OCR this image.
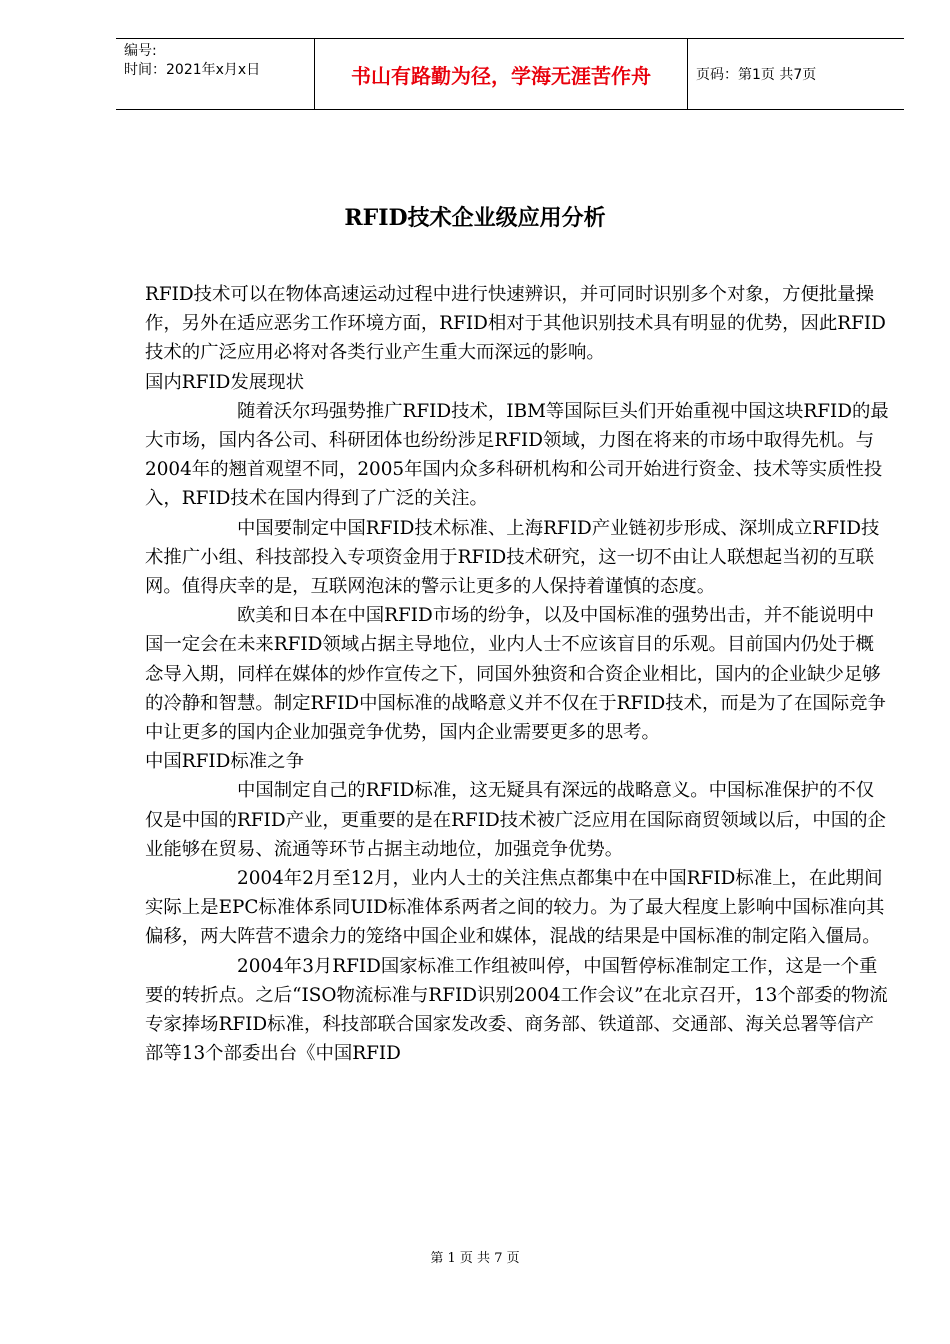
编号:
时间：2021年x月x日	书山有路勤为径，学海无涯苦作舟	页码：第1页 共7页
RFID技术企业级应用分析

RFID技术可以在物体高速运动过程中进行快速辨识，并可同时识别多个对象，方便批量操作，另外在适应恶劣工作环境方面，RFID相对于其他识别技术具有明显的优势，因此RFID技术的广泛应用必将对各类行业产生重大而深远的影响。

国内RFID发展现状

随着沃尔玛强势推广RFID技术，IBM等国际巨头们开始重视中国这块RFID的最大市场，国内各公司、科研团体也纷纷涉足RFID领域，力图在将来的市场中取得先机。与2004年的翘首观望不同，2005年国内众多科研机构和公司开始进行资金、技术等实质性投入，RFID技术在国内得到了广泛的关注。

中国要制定中国RFID技术标准、上海RFID产业链初步形成、深圳成立RFID技术推广小组、科技部投入专项资金用于RFID技术研究，这一切不由让人联想起当初的互联网。值得庆幸的是，互联网泡沫的警示让更多的人保持着谨慎的态度。

欧美和日本在中国RFID市场的纷争，以及中国标准的强势出击，并不能说明中国一定会在未来RFID领域占据主导地位，业内人士不应该盲目的乐观。目前国内仍处于概念导入期，同样在媒体的炒作宣传之下，同国外独资和合资企业相比，国内的企业缺少足够的冷静和智慧。制定RFID中国标准的战略意义并不仅在于RFID技术，而是为了在国际竞争中让更多的国内企业加强竞争优势，国内企业需要更多的思考。

中国RFID标准之争

中国制定自己的RFID标准，这无疑具有深远的战略意义。中国标准保护的不仅仅是中国的RFID产业，更重要的是在RFID技术被广泛应用在国际商贸领域以后，中国的企业能够在贸易、流通等环节占据主动地位，加强竞争优势。

2004年2月至12月，业内人士的关注焦点都集中在中国RFID标准上，在此期间实际上是EPC标准体系同UID标准体系两者之间的较力。为了最大程度上影响中国标准向其偏移，两大阵营不遗余力的笼络中国企业和媒体，混战的结果是中国标准的制定陷入僵局。

2004年3月RFID国家标准工作组被叫停，中国暂停标准制定工作，这是一个重要的转折点。之后“ISO物流标准与RFID识别2004工作会议”在北京召开，13个部委的物流专家捧场RFID标准，科技部联合国家发改委、商务部、铁道部、交通部、海关总署等信产部等13个部委出台《中国RFID

第 1 页 共 7 页
